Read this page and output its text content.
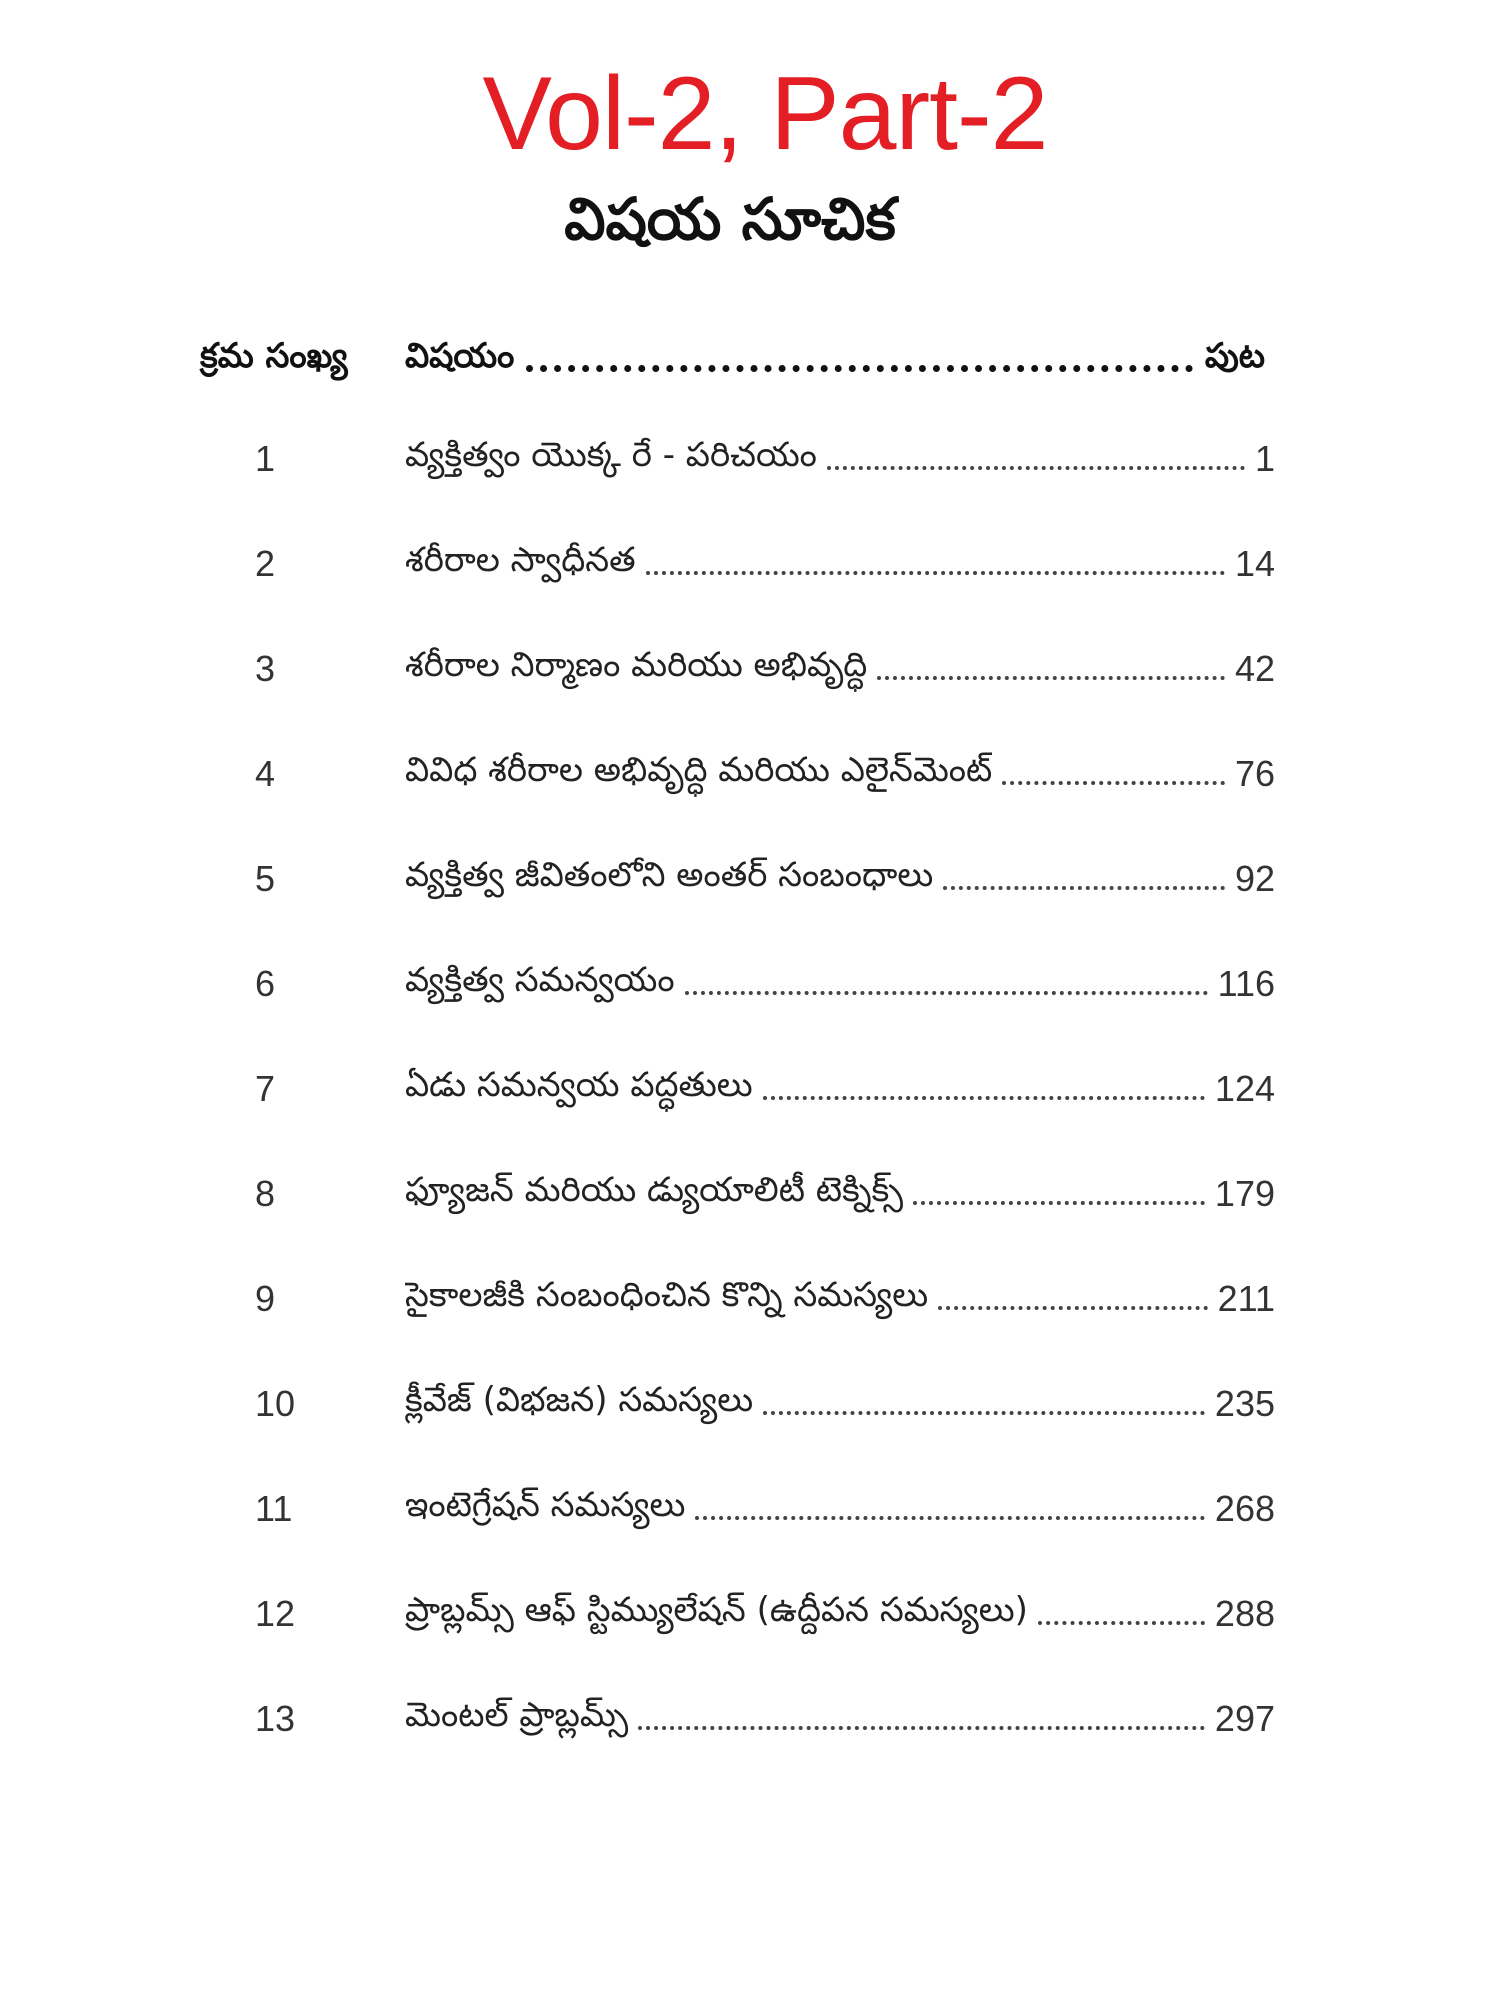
Vol-2, Part-2
విషయ సూచిక
క్రమ సంఖ్య	విషయం	పుట
1	వ్యక్తిత్వం యొక్క రే - పరిచయం	1
2	శరీరాల స్వాధీనత	14
3	శరీరాల నిర్మాణం మరియు అభివృద్ధి	42
4	వివిధ శరీరాల అభివృద్ధి మరియు ఎలైన్‌మెంట్	76
5	వ్యక్తిత్వ జీవితంలోని అంతర్ సంబంధాలు	92
6	వ్యక్తిత్వ సమన్వయం	116
7	ఏడు సమన్వయ పద్ధతులు	124
8	ఫ్యూజన్ మరియు డ్యుయాలిటీ టెక్నిక్స్	179
9	సైకాలజీకి సంబంధించిన కొన్ని సమస్యలు	211
10	క్లీవేజ్ (విభజన) సమస్యలు	235
11	ఇంటెగ్రేషన్ సమస్యలు	268
12	ప్రాబ్లమ్స్ ఆఫ్ స్టిమ్యులేషన్ (ఉద్దీపన సమస్యలు)	288
13	మెంటల్ ప్రాబ్లమ్స్	297
